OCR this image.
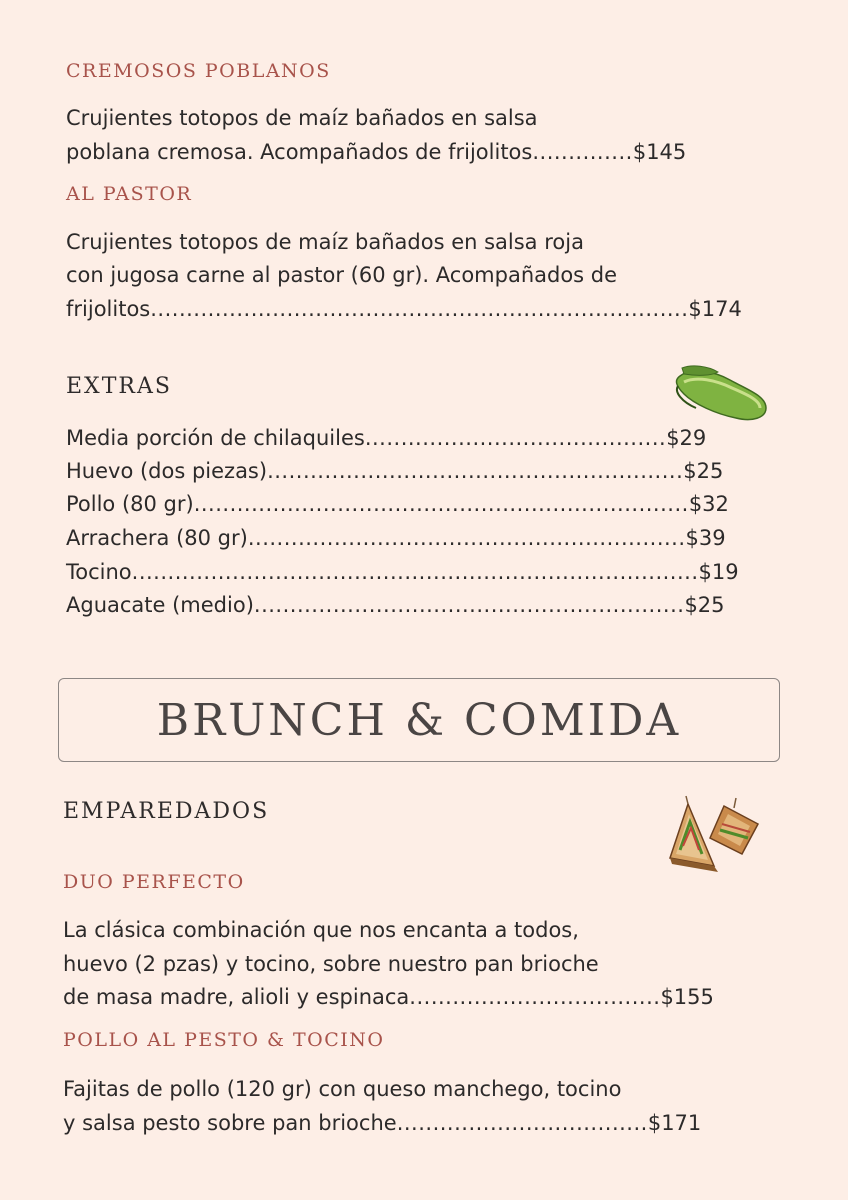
CREMOSOS POBLANOS
Crujientes totopos de maíz bañados en salsa
poblana cremosa. Acompañados de frijolitos..............$145
AL PASTOR
Crujientes totopos de maíz bañados en salsa roja
con jugosa carne al pastor (60 gr). Acompañados de
frijolitos...........................................................................$174
EXTRAS
Media porción de chilaquiles..........................................$29
Huevo (dos piezas)..........................................................$25
Pollo (80 gr).....................................................................$32
Arrachera (80 gr).............................................................$39
Tocino...............................................................................$19
Aguacate (medio)............................................................$25
BRUNCH & COMIDA
EMPAREDADOS
DUO PERFECTO
La clásica combinación que nos encanta a todos,
huevo (2 pzas) y tocino, sobre nuestro pan brioche
de masa madre, alioli y espinaca...................................$155
POLLO AL PESTO & TOCINO
Fajitas de pollo (120 gr) con queso manchego, tocino
y salsa pesto sobre pan brioche...................................$171
